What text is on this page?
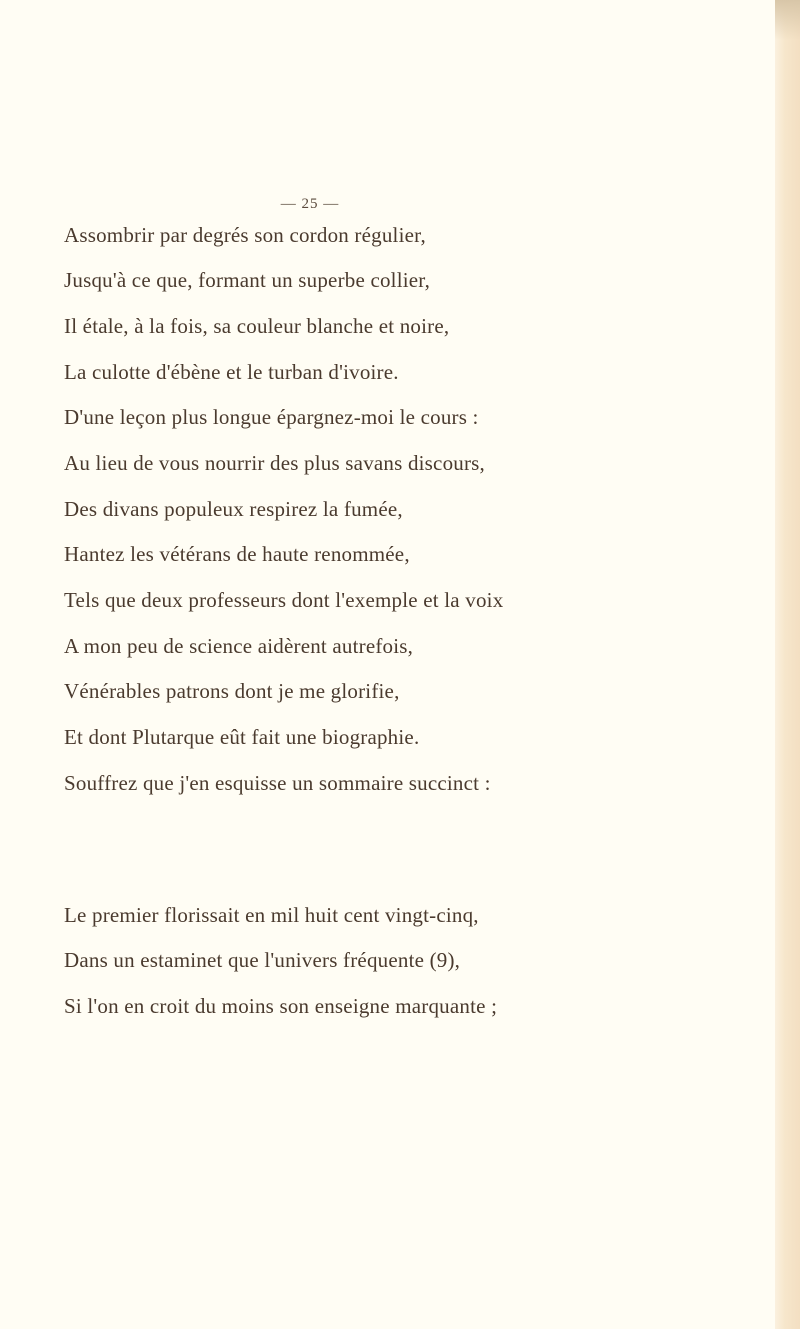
— 25 —
Assombrir par degrés son cordon régulier,
Jusqu'à ce que, formant un superbe collier,
Il étale, à la fois, sa couleur blanche et noire,
La culotte d'ébène et le turban d'ivoire.
D'une leçon plus longue épargnez-moi le cours :
Au lieu de vous nourrir des plus savans discours,
Des divans populeux respirez la fumée,
Hantez les vétérans de haute renommée,
Tels que deux professeurs dont l'exemple et la voix
A mon peu de science aidèrent autrefois,
Vénérables patrons dont je me glorifie,
Et dont Plutarque eût fait une biographie.
Souffrez que j'en esquisse un sommaire succinct :
Le premier florissait en mil huit cent vingt-cinq,
Dans un estaminet que l'univers fréquente (9),
Si l'on en croit du moins son enseigne marquante ;
